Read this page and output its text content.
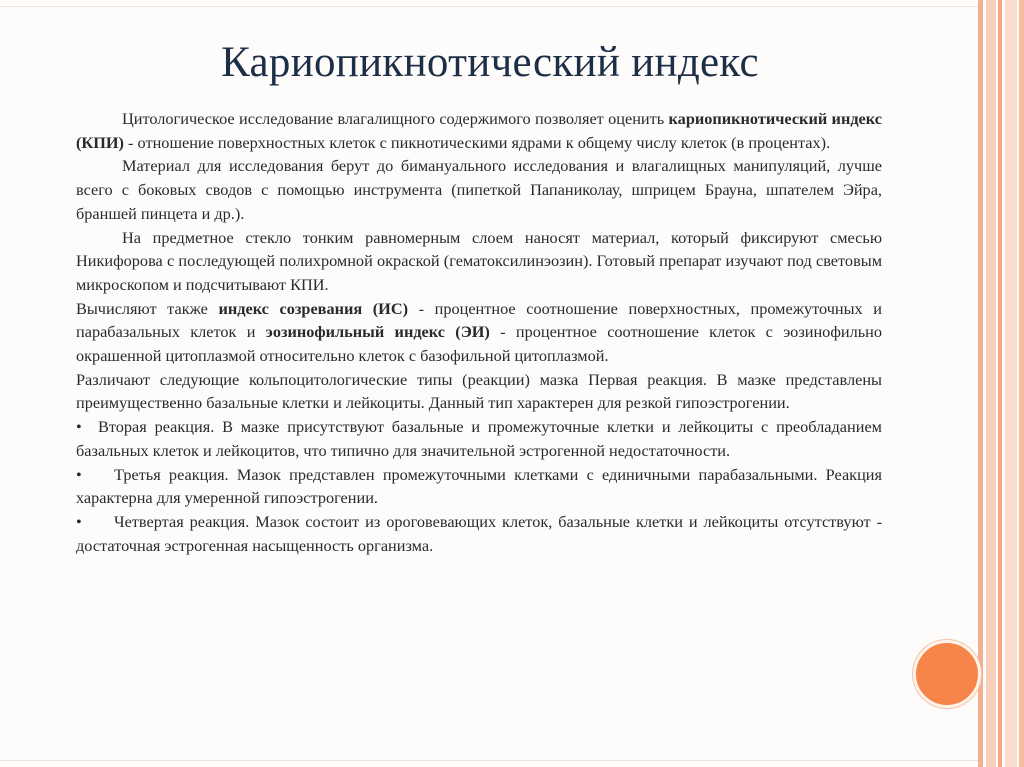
Кариопикнотический индекс

Цитологическое исследование влагалищного содержимого позволяет оценить кариопикнотический индекс (КПИ) - отношение поверхностных клеток с пикнотическими ядрами к общему числу клеток (в процентах).

Материал для исследования берут до бимануального исследования и влагалищных манипуляций, лучше всего с боковых сводов с помощью инструмента (пипеткой Папаниколау, шприцем Брауна, шпателем Эйра, браншей пинцета и др.).

На предметное стекло тонким равномерным слоем наносят материал, который фиксируют смесью Никифорова с последующей полихромной окраской (гематоксилинэозин). Готовый препарат изучают под световым микроскопом и подсчитывают КПИ.

Вычисляют также индекс созревания (ИС) - процентное соотношение поверхностных, промежуточных и парабазальных клеток и эозинофильный индекс (ЭИ) - процентное соотношение клеток с эозинофильно окрашенной цитоплазмой относительно клеток с базофильной цитоплазмой.

Различают следующие кольпоцитологические типы (реакции) мазка Первая реакция. В мазке представлены преимущественно базальные клетки и лейкоциты. Данный тип характерен для резкой гипоэстрогении.

• Вторая реакция. В мазке присутствуют базальные и промежуточные клетки и лейкоциты с преобладанием базальных клеток и лейкоцитов, что типично для значительной эстрогенной недостаточности.

• Третья реакция. Мазок представлен промежуточными клетками с единичными парабазальными. Реакция характерна для умеренной гипоэстрогении.

• Четвертая реакция. Мазок состоит из ороговевающих клеток, базальные клетки и лейкоциты отсутствуют - достаточная эстрогенная насыщенность организма.
